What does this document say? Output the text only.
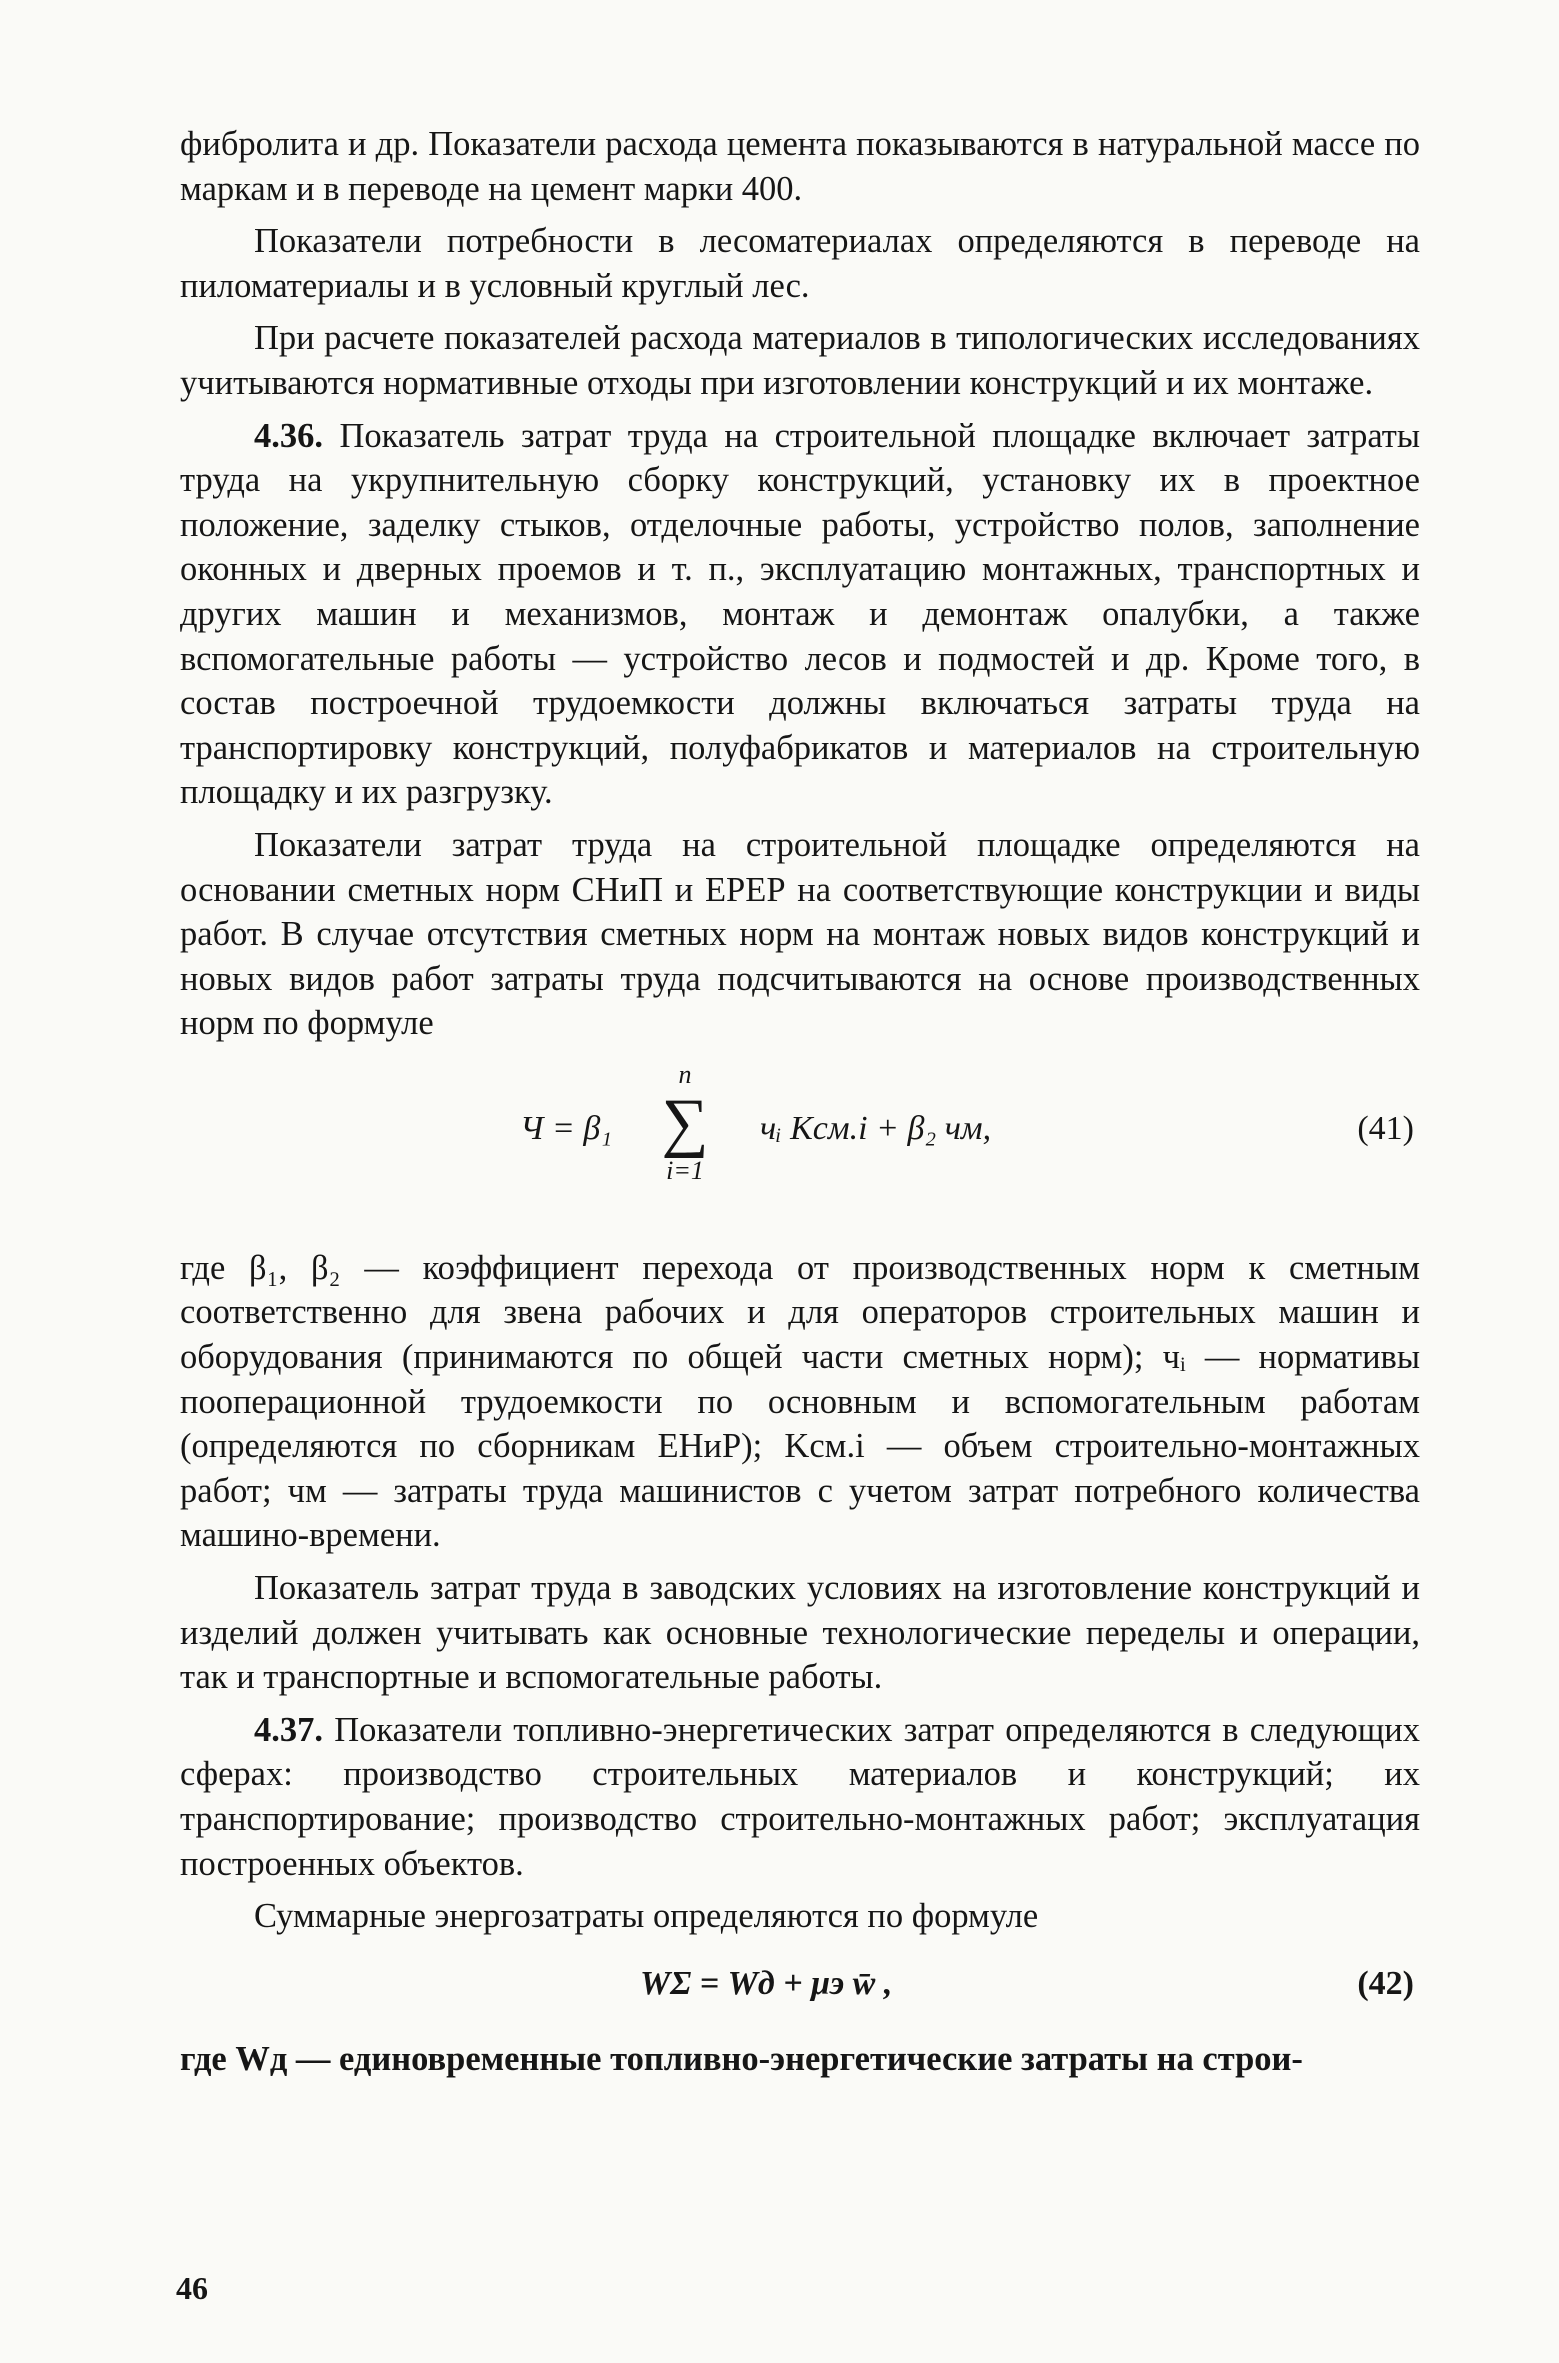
фибролита и др. Показатели расхода цемента показываются в натуральной массе по маркам и в переводе на цемент марки 400.

Показатели потребности в лесоматериалах определяются в переводе на пиломатериалы и в условный круглый лес.

При расчете показателей расхода материалов в типологических исследованиях учитываются нормативные отходы при изготовлении конструкций и их монтаже.

4.36. Показатель затрат труда на строительной площадке включает затраты труда на укрупнительную сборку конструкций, установку их в проектное положение, заделку стыков, отделочные работы, устройство полов, заполнение оконных и дверных проемов и т. п., эксплуатацию монтажных, транспортных и других машин и механизмов, монтаж и демонтаж опалубки, а также вспомогательные работы — устройство лесов и подмостей и др. Кроме того, в состав построечной трудоемкости должны включаться затраты труда на транспортировку конструкций, полуфабрикатов и материалов на строительную площадку и их разгрузку.

Показатели затрат труда на строительной площадке определяются на основании сметных норм СНиП и ЕРЕР на соответствующие конструкции и виды работ. В случае отсутствия сметных норм на монтаж новых видов конструкций и новых видов работ затраты труда подсчитываются на основе производственных норм по формуле

Ч = β₁
n
∑
i=1
чᵢ Kсм.i + β₂ чм,	(41)

где β₁, β₂ — коэффициент перехода от производственных норм к сметным соответственно для звена рабочих и для операторов строительных машин и оборудования (принимаются по общей части сметных норм); чᵢ — нормативы пооперационной трудоемкости по основным и вспомогательным работам (определяются по сборникам ЕНиР); Kсм.i — объем строительно-монтажных работ; чм — затраты труда машинистов с учетом затрат потребного количества машино-времени.

Показатель затрат труда в заводских условиях на изготовление конструкций и изделий должен учитывать как основные технологические переделы и операции, так и транспортные и вспомогательные работы.

4.37. Показатели топливно-энергетических затрат определяются в следующих сферах: производство строительных материалов и конструкций; их транспортирование; производство строительно-монтажных работ; эксплуатация построенных объектов.

Суммарные энергозатраты определяются по формуле

WΣ = Wд + μэ w̄ ,	(42)

где Wд — единовременные топливно-энергетические затраты на строи-

46
